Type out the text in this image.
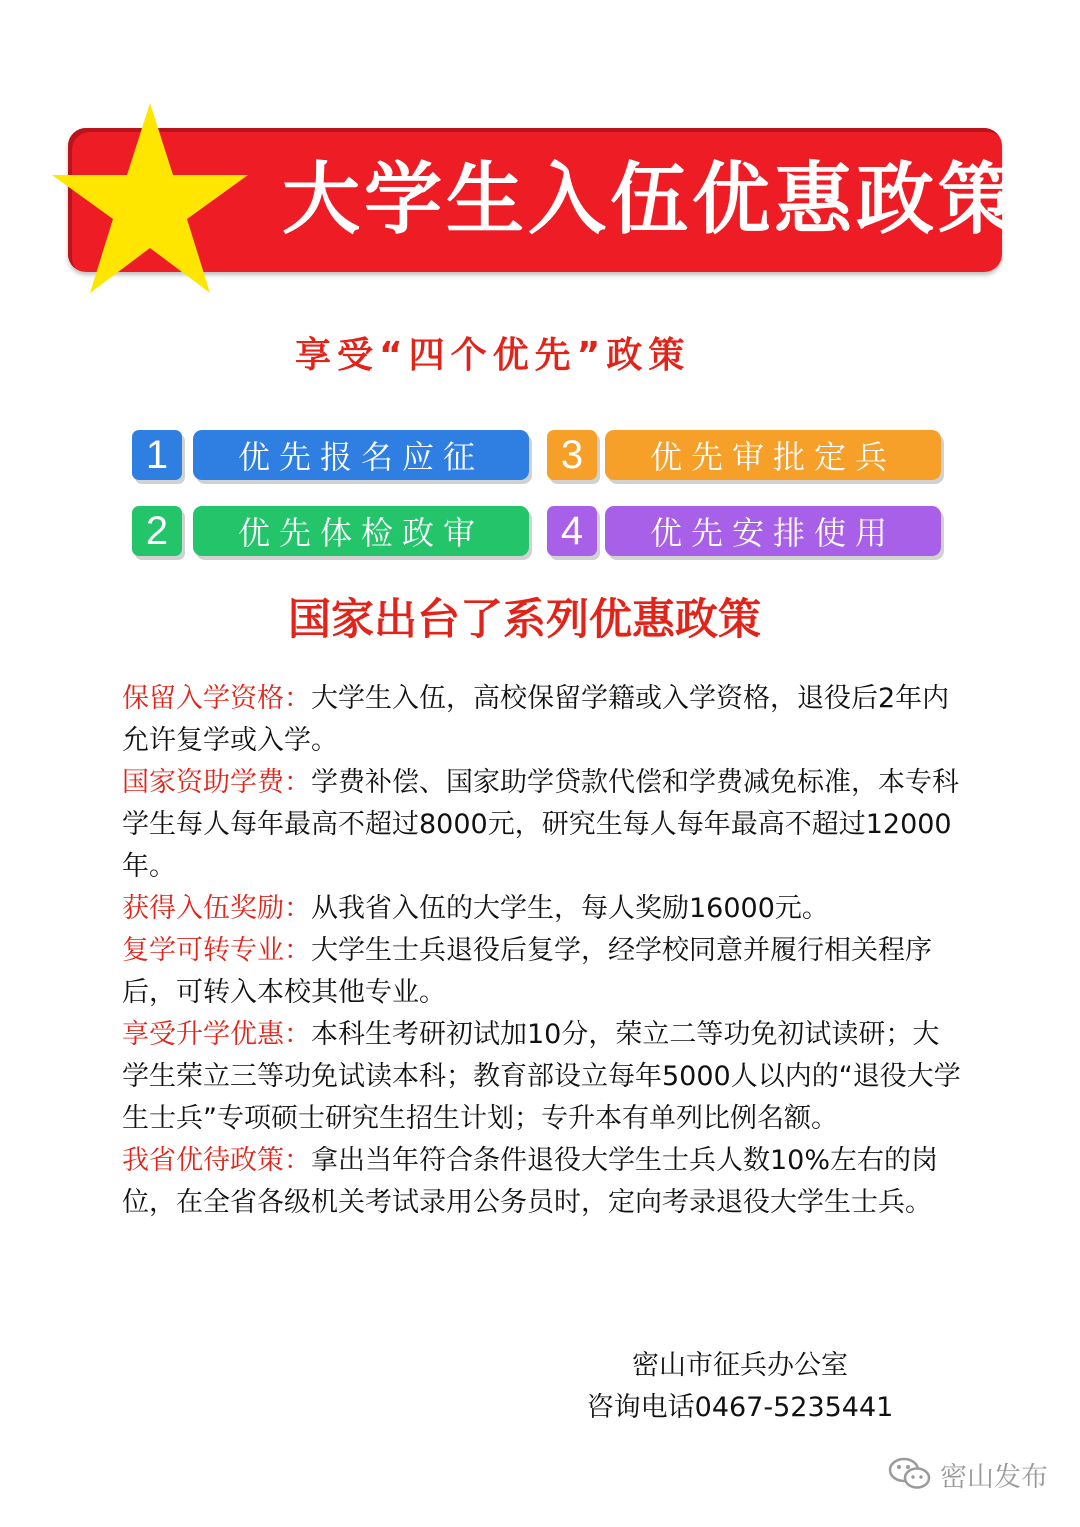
大学生入伍优惠政策
享受“四个优先”政策
1	优先报名应征
2	优先体检政审
3	优先审批定兵
4	优先安排使用
国家出台了系列优惠政策

保留入学资格：大学生入伍，高校保留学籍或入学资格，退役后2年内允许复学或入学。

国家资助学费：学费补偿、国家助学贷款代偿和学费减免标准，本专科学生每人每年最高不超过8000元，研究生每人每年最高不超过12000年。

获得入伍奖励：从我省入伍的大学生，每人奖励16000元。

复学可转专业：大学生士兵退役后复学，经学校同意并履行相关程序后，可转入本校其他专业。

享受升学优惠：本科生考研初试加10分，荣立二等功免初试读研；大学生荣立三等功免试读本科；教育部设立每年5000人以内的“退役大学生士兵”专项硕士研究生招生计划；专升本有单列比例名额。

我省优待政策：拿出当年符合条件退役大学生士兵人数10%左右的岗位，在全省各级机关考试录用公务员时，定向考录退役大学生士兵。

密山市征兵办公室
咨询电话0467-5235441
密山发布
